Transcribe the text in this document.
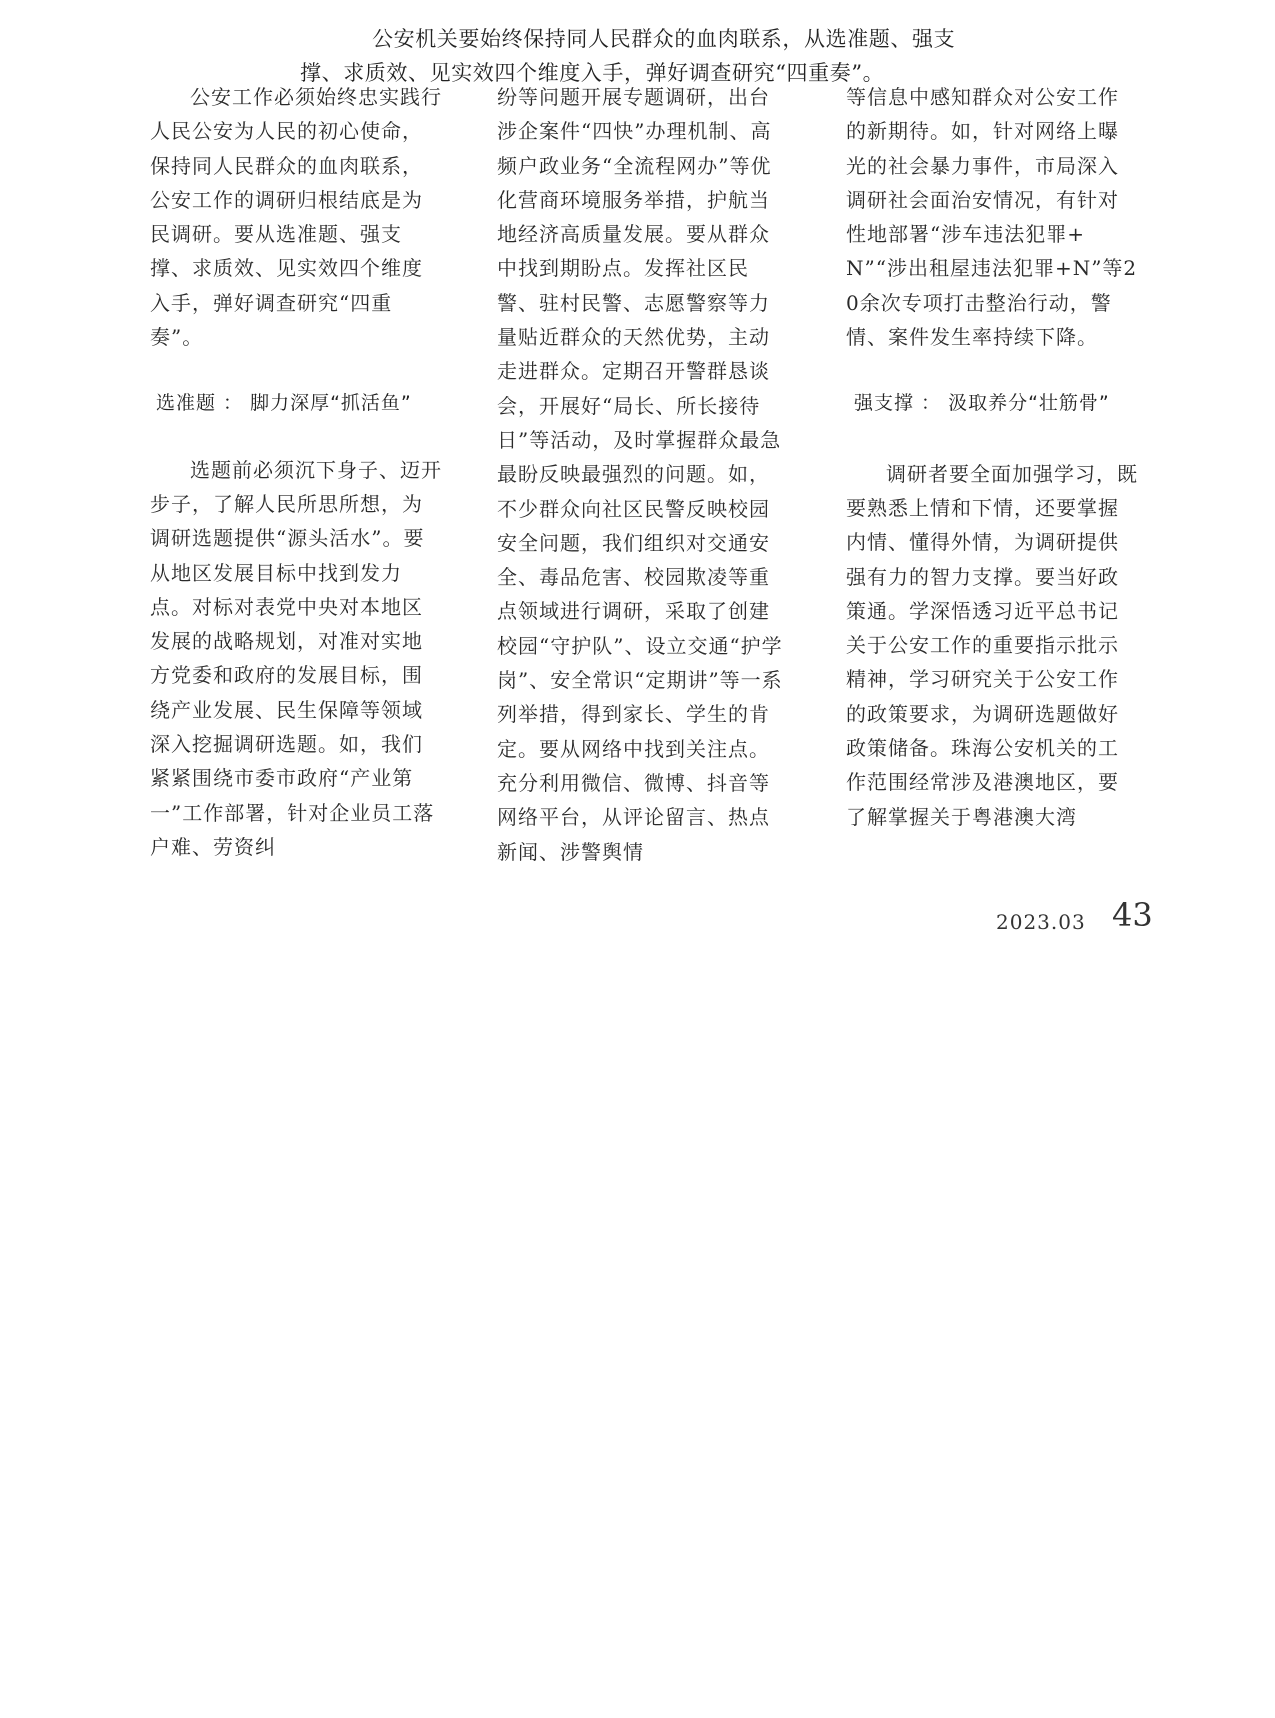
公安机关要始终保持同人民群众的血肉联系，从选准题、强支
撑、求质效、见实效四个维度入手，弹好调查研究“四重奏”。

公安工作必须始终忠实践行人民公安为人民的初心使命，保持同人民群众的血肉联系，公安工作的调研归根结底是为民调研。要从选准题、强支撑、求质效、见实效四个维度入手，弹好调查研究“四重奏”。

选准题 ： 脚力深厚“抓活鱼”

选题前必须沉下身子、迈开步子，了解人民所思所想，为调研选题提供“源头活水”。要从地区发展目标中找到发力点。对标对表党中央对本地区发展的战略规划，对准对实地方党委和政府的发展目标，围绕产业发展、民生保障等领域深入挖掘调研选题。如，我们紧紧围绕市委市政府“产业第一”工作部署，针对企业员工落户难、劳资纠

纷等问题开展专题调研，出台涉企案件“四快”办理机制、高频户政业务“全流程网办”等优化营商环境服务举措，护航当地经济高质量发展。要从群众中找到期盼点。发挥社区民警、驻村民警、志愿警察等力量贴近群众的天然优势，主动走进群众。定期召开警群恳谈会，开展好“局长、所长接待日”等活动，及时掌握群众最急最盼反映最强烈的问题。如，不少群众向社区民警反映校园安全问题，我们组织对交通安全、毒品危害、校园欺凌等重点领域进行调研，采取了创建校园“守护队”、设立交通“护学岗”、安全常识“定期讲”等一系列举措，得到家长、学生的肯定。要从网络中找到关注点。充分利用微信、微博、抖音等网络平台，从评论留言、热点新闻、涉警舆情

等信息中感知群众对公安工作的新期待。如，针对网络上曝光的社会暴力事件，市局深入调研社会面治安情况，有针对性地部署“涉车违法犯罪+N”“涉出租屋违法犯罪+N”等20余次专项打击整治行动，警情、案件发生率持续下降。

强支撑 ： 汲取养分“壮筋骨”

调研者要全面加强学习，既要熟悉上情和下情，还要掌握内情、懂得外情，为调研提供强有力的智力支撑。要当好政策通。学深悟透习近平总书记关于公安工作的重要指示批示精神，学习研究关于公安工作的政策要求，为调研选题做好政策储备。珠海公安机关的工作范围经常涉及港澳地区，要了解掌握关于粤港澳大湾

2023.03 43
